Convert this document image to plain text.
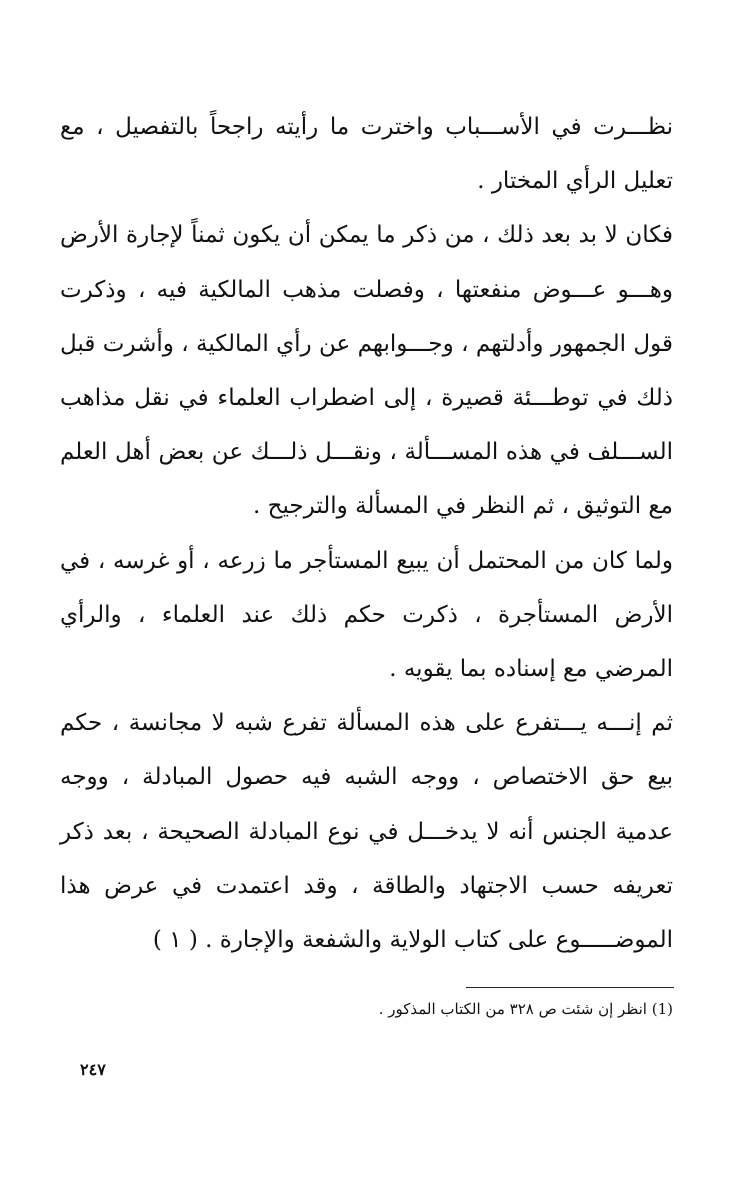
نظـــرت في الأســـباب واخترت ما رأيته راجحاً بالتفصيل ، مع تعليل الرأي المختار .

فكان لا بد بعد ذلك ، من ذكر ما يمكن أن يكون ثمناً لإجارة الأرض وهـــو عـــوض منفعتها ، وفصلت مذهب المالكية فيه ، وذكرت قول الجمهور وأدلتهم ، وجـــوابهم عن رأي المالكية ، وأشرت قبل ذلك في توطـــئة قصيرة ، إلى اضطراب العلماء في نقل مذاهب الســـلف في هذه المســـألة ، ونقـــل ذلـــك عن بعض أهل العلم مع التوثيق ، ثم النظر في المسألة والترجيح .

ولما كان من المحتمل أن يبيع المستأجر ما زرعه ، أو غرسه ، في الأرض المستأجرة ، ذكرت حكم ذلك عند العلماء ، والرأي المرضي مع إسناده بما يقويه .

ثم إنـــه يـــتفرع على هذه المسألة تفرع شبه لا مجانسة ، حكم بيع حق الاختصاص ، ووجه الشبه فيه حصول المبادلة ، ووجه عدمية الجنس أنه لا يدخـــل في نوع المبادلة الصحيحة ، بعد ذكر تعريفه حسب الاجتهاد والطاقة ، وقد اعتمدت في عرض هذا الموضـــــوع على كتاب الولاية والشفعة والإجارة . ( ١ )

(1) انظر إن شئت ص ٣٢٨ من الكتاب المذكور .
٢٤٧
